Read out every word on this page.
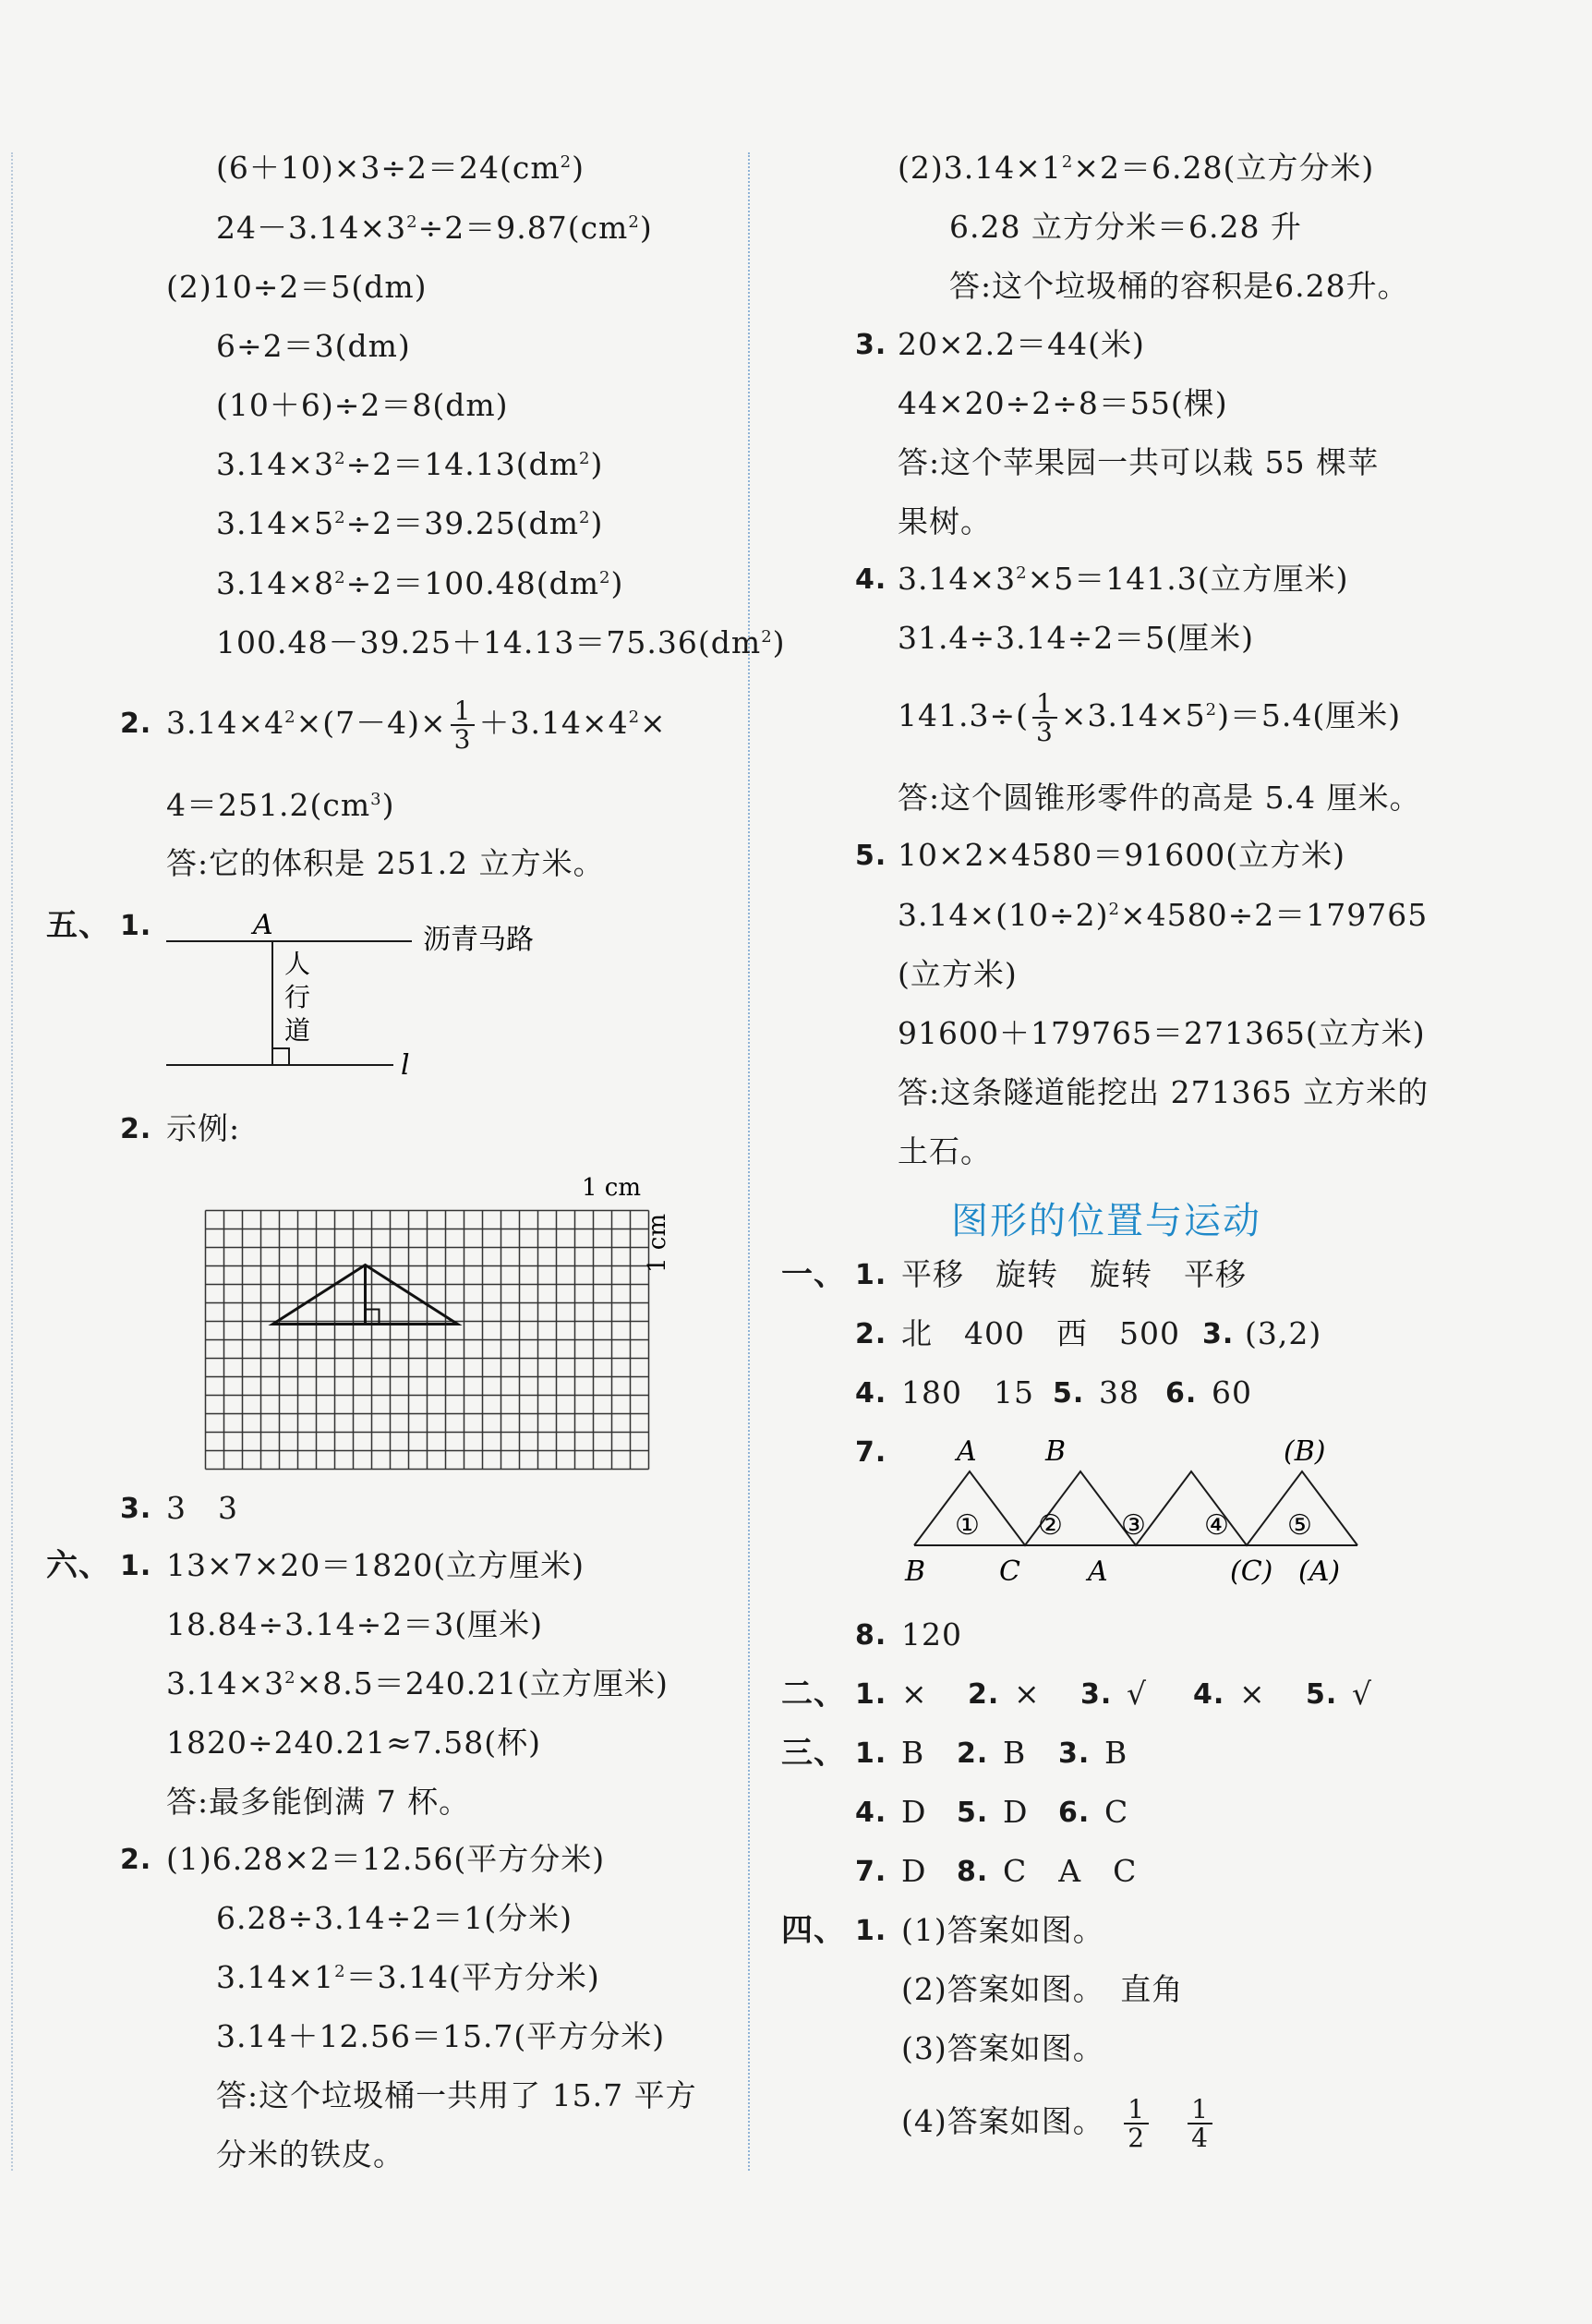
$(6+10)\times 3\div 2=24(cm^2)$
$24-3.14\times 3^2\div 2=9.87(cm^2)$
(2)10÷2＝5(dm)
6÷2＝3(dm)
(10＋6)÷2＝8(dm)
$3.14\times 3^2\div 2=14.13(dm^2)$
$3.14\times 5^2\div 2=39.25(dm^2)$
$3.14\times 8^2\div 2=100.48(dm^2)$
$100.48-39.25+14.13=75.36(dm^2)$
2. $3.14\times 4^2\times(7-4)\times \frac{1}{3} +3.14\times 4^2\times$
$4=251.2(cm^3)$
答:它的体积是 251.2 立方米。
五、 1.	A	沥青马路
人
行
道
l
2. 示例:
1 cm
1 cm
3. 3　3
六、 1. 13×7×20＝1820(立方厘米)
18.84÷3.14÷2＝3(厘米)
$3.14\times 3^2\times 8.5=240.21$(立方厘米)
1820÷240.21≈7.58(杯)
答:最多能倒满 7 杯。
2. (1)6.28×2＝12.56(平方分米)
6.28÷3.14÷2＝1(分米)
$3.14\times 1^2=3.14$(平方分米)
3.14＋12.56＝15.7(平方分米)
答:这个垃圾桶一共用了 15.7 平方
分米的铁皮。
$(2)3.14\times 1^2\times 2=6.28$(立方分米)
6.28 立方分米＝6.28 升
答:这个垃圾桶的容积是6.28升。
3. 20×2.2＝44(米)
44×20÷2÷8＝55(棵)
答:这个苹果园一共可以栽 55 棵苹
果树。
4. $3.14\times 3^2\times 5=141.3$(立方厘米)
31.4÷3.14÷2＝5(厘米)
$141.3\div( \frac{1}{3} \times 3.14\times 5^2)=5.4$(厘米)
答:这个圆锥形零件的高是 5.4 厘米。
5. 10×2×4580＝91600(立方米)
$3.14\times(10\div 2)^2\times 4580\div 2=179765$
(立方米)
91600＋179765＝271365(立方米)
答:这条隧道能挖出 271365 立方米的
土石。
图形的位置与运动
一、 1. 平移　旋转　旋转　平移
2. 北　400　西　500 3. (3,2)
4. 180　15 5. 38 6. 60
7.	A B	(B)
B	C A	(C) (A)
① ② ③ ④ ⑤
8. 120
二、 1. × 2. × 3. √ 4. × 5. √
三、 1. B 2. B 3. B
4. D 5. D 6. C
7. D 8. C　A　C
四、 1. (1)答案如图。
(2)答案如图。　直角
(3)答案如图。
(4)答案如图。　 $\frac{1}{2}$
　 $\frac{1}{4}$
